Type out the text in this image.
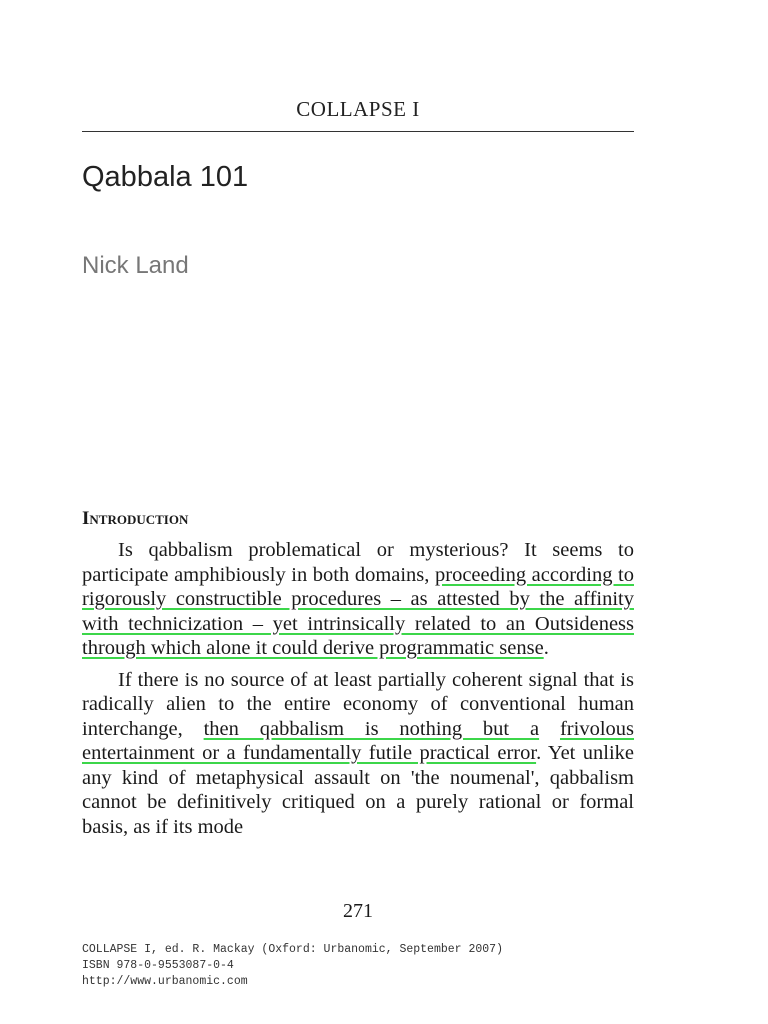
COLLAPSE I
Qabbala 101
Nick Land
Introduction

Is qabbalism problematical or mysterious? It seems to participate amphibiously in both domains, proceeding according to rigorously constructible procedures – as attested by the affinity with technicization – yet intrinsically related to an Outsideness through which alone it could derive programmatic sense.

If there is no source of at least partially coherent signal that is radically alien to the entire economy of conventional human interchange, then qabbalism is nothing but a frivolous entertainment or a fundamentally futile practical error. Yet unlike any kind of metaphysical assault on 'the noumenal', qabbalism cannot be definitively critiqued on a purely rational or formal basis, as if its mode

271
COLLAPSE I, ed. R. Mackay (Oxford: Urbanomic, September 2007)
ISBN 978-0-9553087-0-4
http://www.urbanomic.com
